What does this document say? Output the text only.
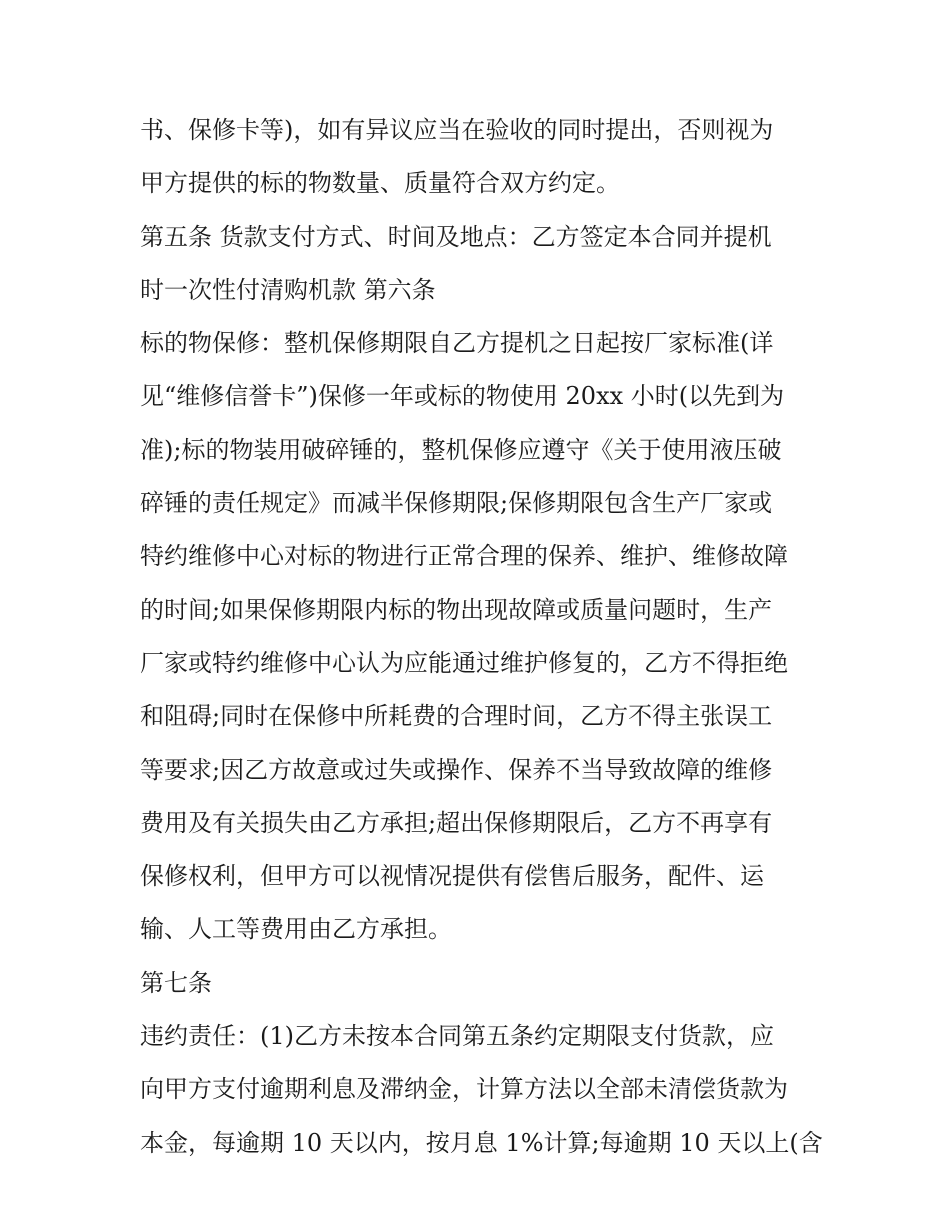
书、保修卡等)，如有异议应当在验收的同时提出，否则视为
甲方提供的标的物数量、质量符合双方约定。
第五条 货款支付方式、时间及地点：乙方签定本合同并提机
时一次性付清购机款 第六条
标的物保修：整机保修期限自乙方提机之日起按厂家标准(详
见“维修信誉卡”)保修一年或标的物使用 20xx 小时(以先到为
准);标的物装用破碎锤的，整机保修应遵守《关于使用液压破
碎锤的责任规定》而减半保修期限;保修期限包含生产厂家或
特约维修中心对标的物进行正常合理的保养、维护、维修故障
的时间;如果保修期限内标的物出现故障或质量问题时，生产
厂家或特约维修中心认为应能通过维护修复的，乙方不得拒绝
和阻碍;同时在保修中所耗费的合理时间，乙方不得主张误工
等要求;因乙方故意或过失或操作、保养不当导致故障的维修
费用及有关损失由乙方承担;超出保修期限后，乙方不再享有
保修权利，但甲方可以视情况提供有偿售后服务，配件、运
输、人工等费用由乙方承担。
第七条
违约责任：(1)乙方未按本合同第五条约定期限支付货款，应
向甲方支付逾期利息及滞纳金，计算方法以全部未清偿货款为
本金，每逾期 10 天以内，按月息 1%计算;每逾期 10 天以上(含
